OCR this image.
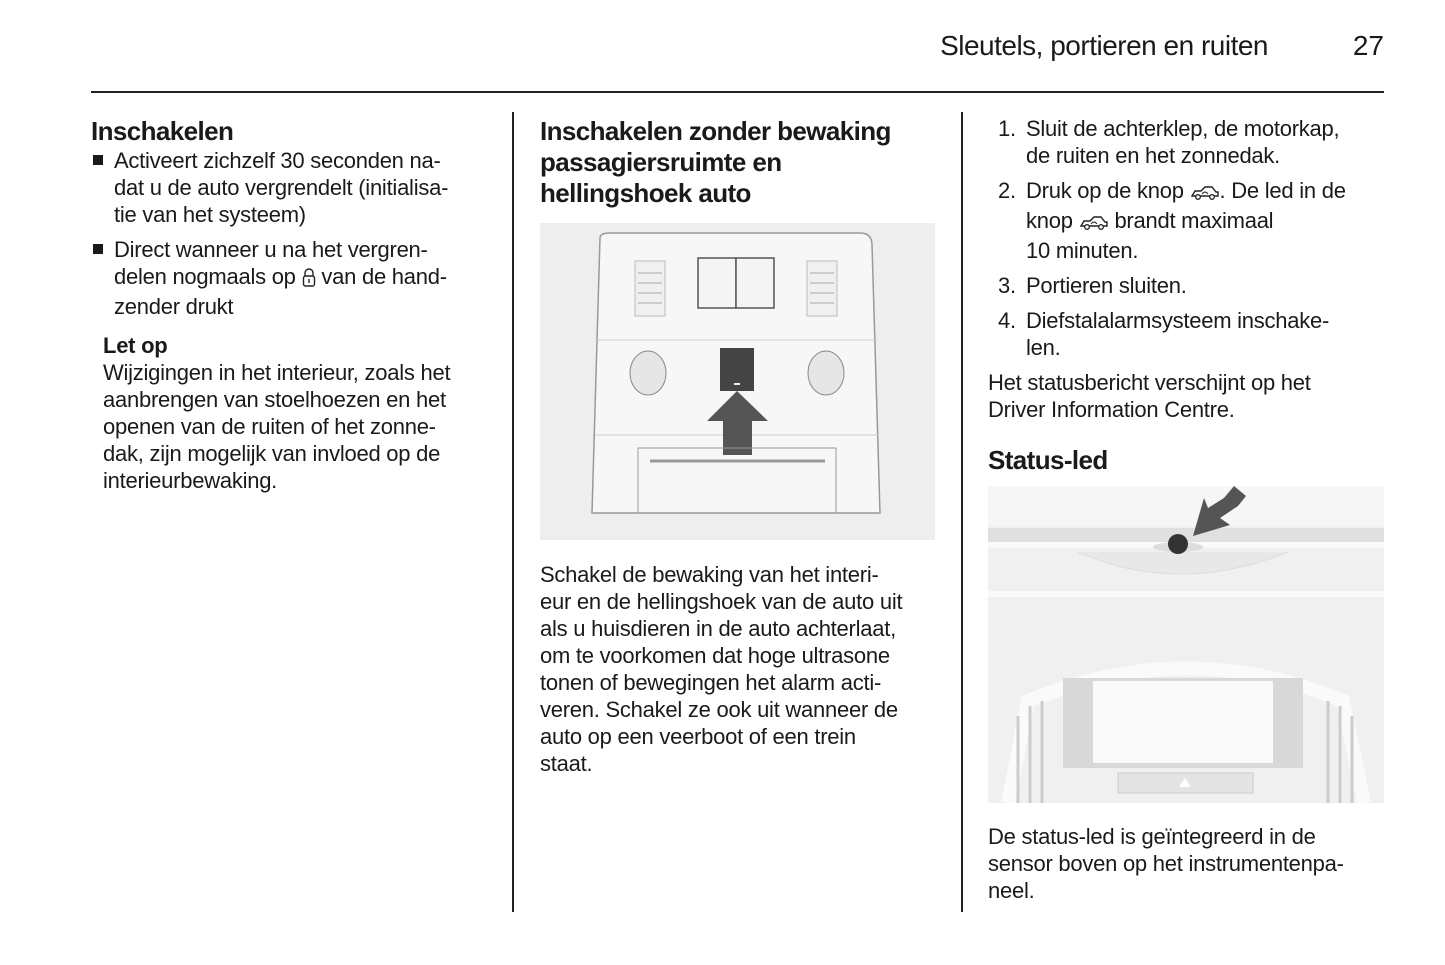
Sleutels, portieren en ruiten	27
Inschakelen
Activeert zichzelf 30 seconden na-
dat u de auto vergrendelt (initialisa-
tie van het systeem)
Direct wanneer u na het vergren-
delen nogmaals op  van de hand-
zender drukt
Let op
Wijzigingen in het interieur, zoals het
aanbrengen van stoelhoezen en het
openen van de ruiten of het zonne-
dak, zijn mogelijk van invloed op de
interieurbewaking.
Inschakelen zonder bewaking
passagiersruimte en
hellingshoek auto
Schakel de bewaking van het interi-
eur en de hellingshoek van de auto uit
als u huisdieren in de auto achterlaat,
om te voorkomen dat hoge ultrasone
tonen of bewegingen het alarm acti-
veren. Schakel ze ook uit wanneer de
auto op een veerboot of een trein
staat.
1. Sluit de achterklep, de motorkap,
de ruiten en het zonnedak.
2. Druk op de knop . De led in de
knop  brandt maximaal
10 minuten.
3. Portieren sluiten.
4. Diefstalalarmsysteem inschake-
len.
Het statusbericht verschijnt op het
Driver Information Centre.
Status-led
De status-led is geïntegreerd in de
sensor boven op het instrumentenpa-
neel.
